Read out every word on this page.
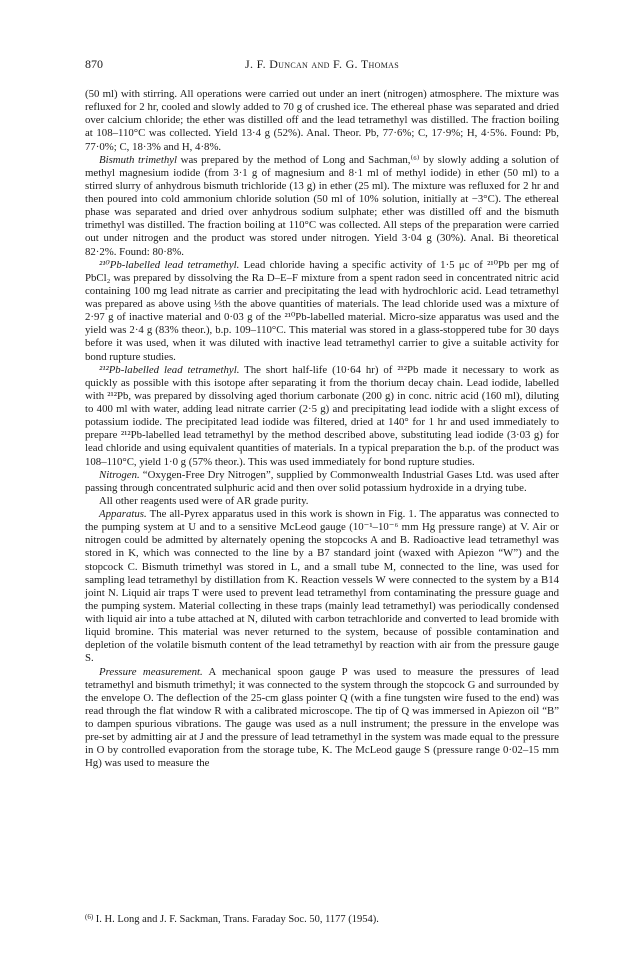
870	J. F. Duncan and F. G. Thomas

(50 ml) with stirring. All operations were carried out under an inert (nitrogen) atmosphere. The mixture was refluxed for 2 hr, cooled and slowly added to 70 g of crushed ice. The ethereal phase was separated and dried over calcium chloride; the ether was distilled off and the lead tetramethyl was distilled. The fraction boiling at 108–110°C was collected. Yield 13·4 g (52%). Anal. Theor. Pb, 77·6%; C, 17·9%; H, 4·5%. Found: Pb, 77·0%; C, 18·3% and H, 4·8%.

Bismuth trimethyl was prepared by the method of Long and Sachman,⁽⁶⁾ by slowly adding a solution of methyl magnesium iodide (from 3·1 g of magnesium and 8·1 ml of methyl iodide) in ether (50 ml) to a stirred slurry of anhydrous bismuth trichloride (13 g) in ether (25 ml). The mixture was refluxed for 2 hr and then poured into cold ammonium chloride solution (50 ml of 10% solution, initially at −3°C). The ethereal phase was separated and dried over anhydrous sodium sulphate; ether was distilled off and the bismuth trimethyl was distilled. The fraction boiling at 110°C was collected. All steps of the preparation were carried out under nitrogen and the product was stored under nitrogen. Yield 3·04 g (30%). Anal. Bi theoretical 82·2%. Found: 80·8%.

²¹⁰Pb-labelled lead tetramethyl. Lead chloride having a specific activity of 1·5 μc of ²¹⁰Pb per mg of PbCl₂ was prepared by dissolving the Ra D–E–F mixture from a spent radon seed in concentrated nitric acid containing 100 mg lead nitrate as carrier and precipitating the lead with hydrochloric acid. Lead tetramethyl was prepared as above using ⅓th the above quantities of materials. The lead chloride used was a mixture of 2·97 g of inactive material and 0·03 g of the ²¹⁰Pb-labelled material. Micro-size apparatus was used and the yield was 2·4 g (83% theor.), b.p. 109–110°C. This material was stored in a glass-stoppered tube for 30 days before it was used, when it was diluted with inactive lead tetramethyl carrier to give a suitable activity for bond rupture studies.

²¹²Pb-labelled lead tetramethyl. The short half-life (10·64 hr) of ²¹²Pb made it necessary to work as quickly as possible with this isotope after separating it from the thorium decay chain. Lead iodide, labelled with ²¹²Pb, was prepared by dissolving aged thorium carbonate (200 g) in conc. nitric acid (160 ml), diluting to 400 ml with water, adding lead nitrate carrier (2·5 g) and precipitating lead iodide with a slight excess of potassium iodide. The precipitated lead iodide was filtered, dried at 140° for 1 hr and used immediately to prepare ²¹²Pb-labelled lead tetramethyl by the method described above, substituting lead iodide (3·03 g) for lead chloride and using equivalent quantities of materials. In a typical preparation the b.p. of the product was 108–110°C, yield 1·0 g (57% theor.). This was used immediately for bond rupture studies.

Nitrogen. “Oxygen-Free Dry Nitrogen”, supplied by Commonwealth Industrial Gases Ltd. was used after passing through concentrated sulphuric acid and then over solid potassium hydroxide in a drying tube.

All other reagents used were of AR grade purity.

Apparatus. The all-Pyrex apparatus used in this work is shown in Fig. 1. The apparatus was connected to the pumping system at U and to a sensitive McLeod gauge (10⁻¹–10⁻⁶ mm Hg pressure range) at V. Air or nitrogen could be admitted by alternately opening the stopcocks A and B. Radioactive lead tetramethyl was stored in K, which was connected to the line by a B7 standard joint (waxed with Apiezon “W”) and the stopcock C. Bismuth trimethyl was stored in L, and a small tube M, connected to the line, was used for sampling lead tetramethyl by distillation from K. Reaction vessels W were connected to the system by a B14 joint N. Liquid air traps T were used to prevent lead tetramethyl from contaminating the pressure guage and the pumping system. Material collecting in these traps (mainly lead tetramethyl) was periodically condensed with liquid air into a tube attached at N, diluted with carbon tetrachloride and converted to lead bromide with liquid bromine. This material was never returned to the system, because of possible contamination and depletion of the volatile bismuth content of the lead tetramethyl by reaction with air from the pressure gauge S.

Pressure measurement. A mechanical spoon gauge P was used to measure the pressures of lead tetramethyl and bismuth trimethyl; it was connected to the system through the stopcock G and surrounded by the envelope O. The deflection of the 25-cm glass pointer Q (with a fine tungsten wire fused to the end) was read through the flat window R with a calibrated microscope. The tip of Q was immersed in Apiezon oil “B” to dampen spurious vibrations. The gauge was used as a null instrument; the pressure in the envelope was pre-set by admitting air at J and the pressure of lead tetramethyl in the system was made equal to the pressure in O by controlled evaporation from the storage tube, K. The McLeod gauge S (pressure range 0·02–15 mm Hg) was used to measure the

$^{(6)}$ I. H. Long and J. F. Sackman, Trans. Faraday Soc. 50, 1177 (1954).
